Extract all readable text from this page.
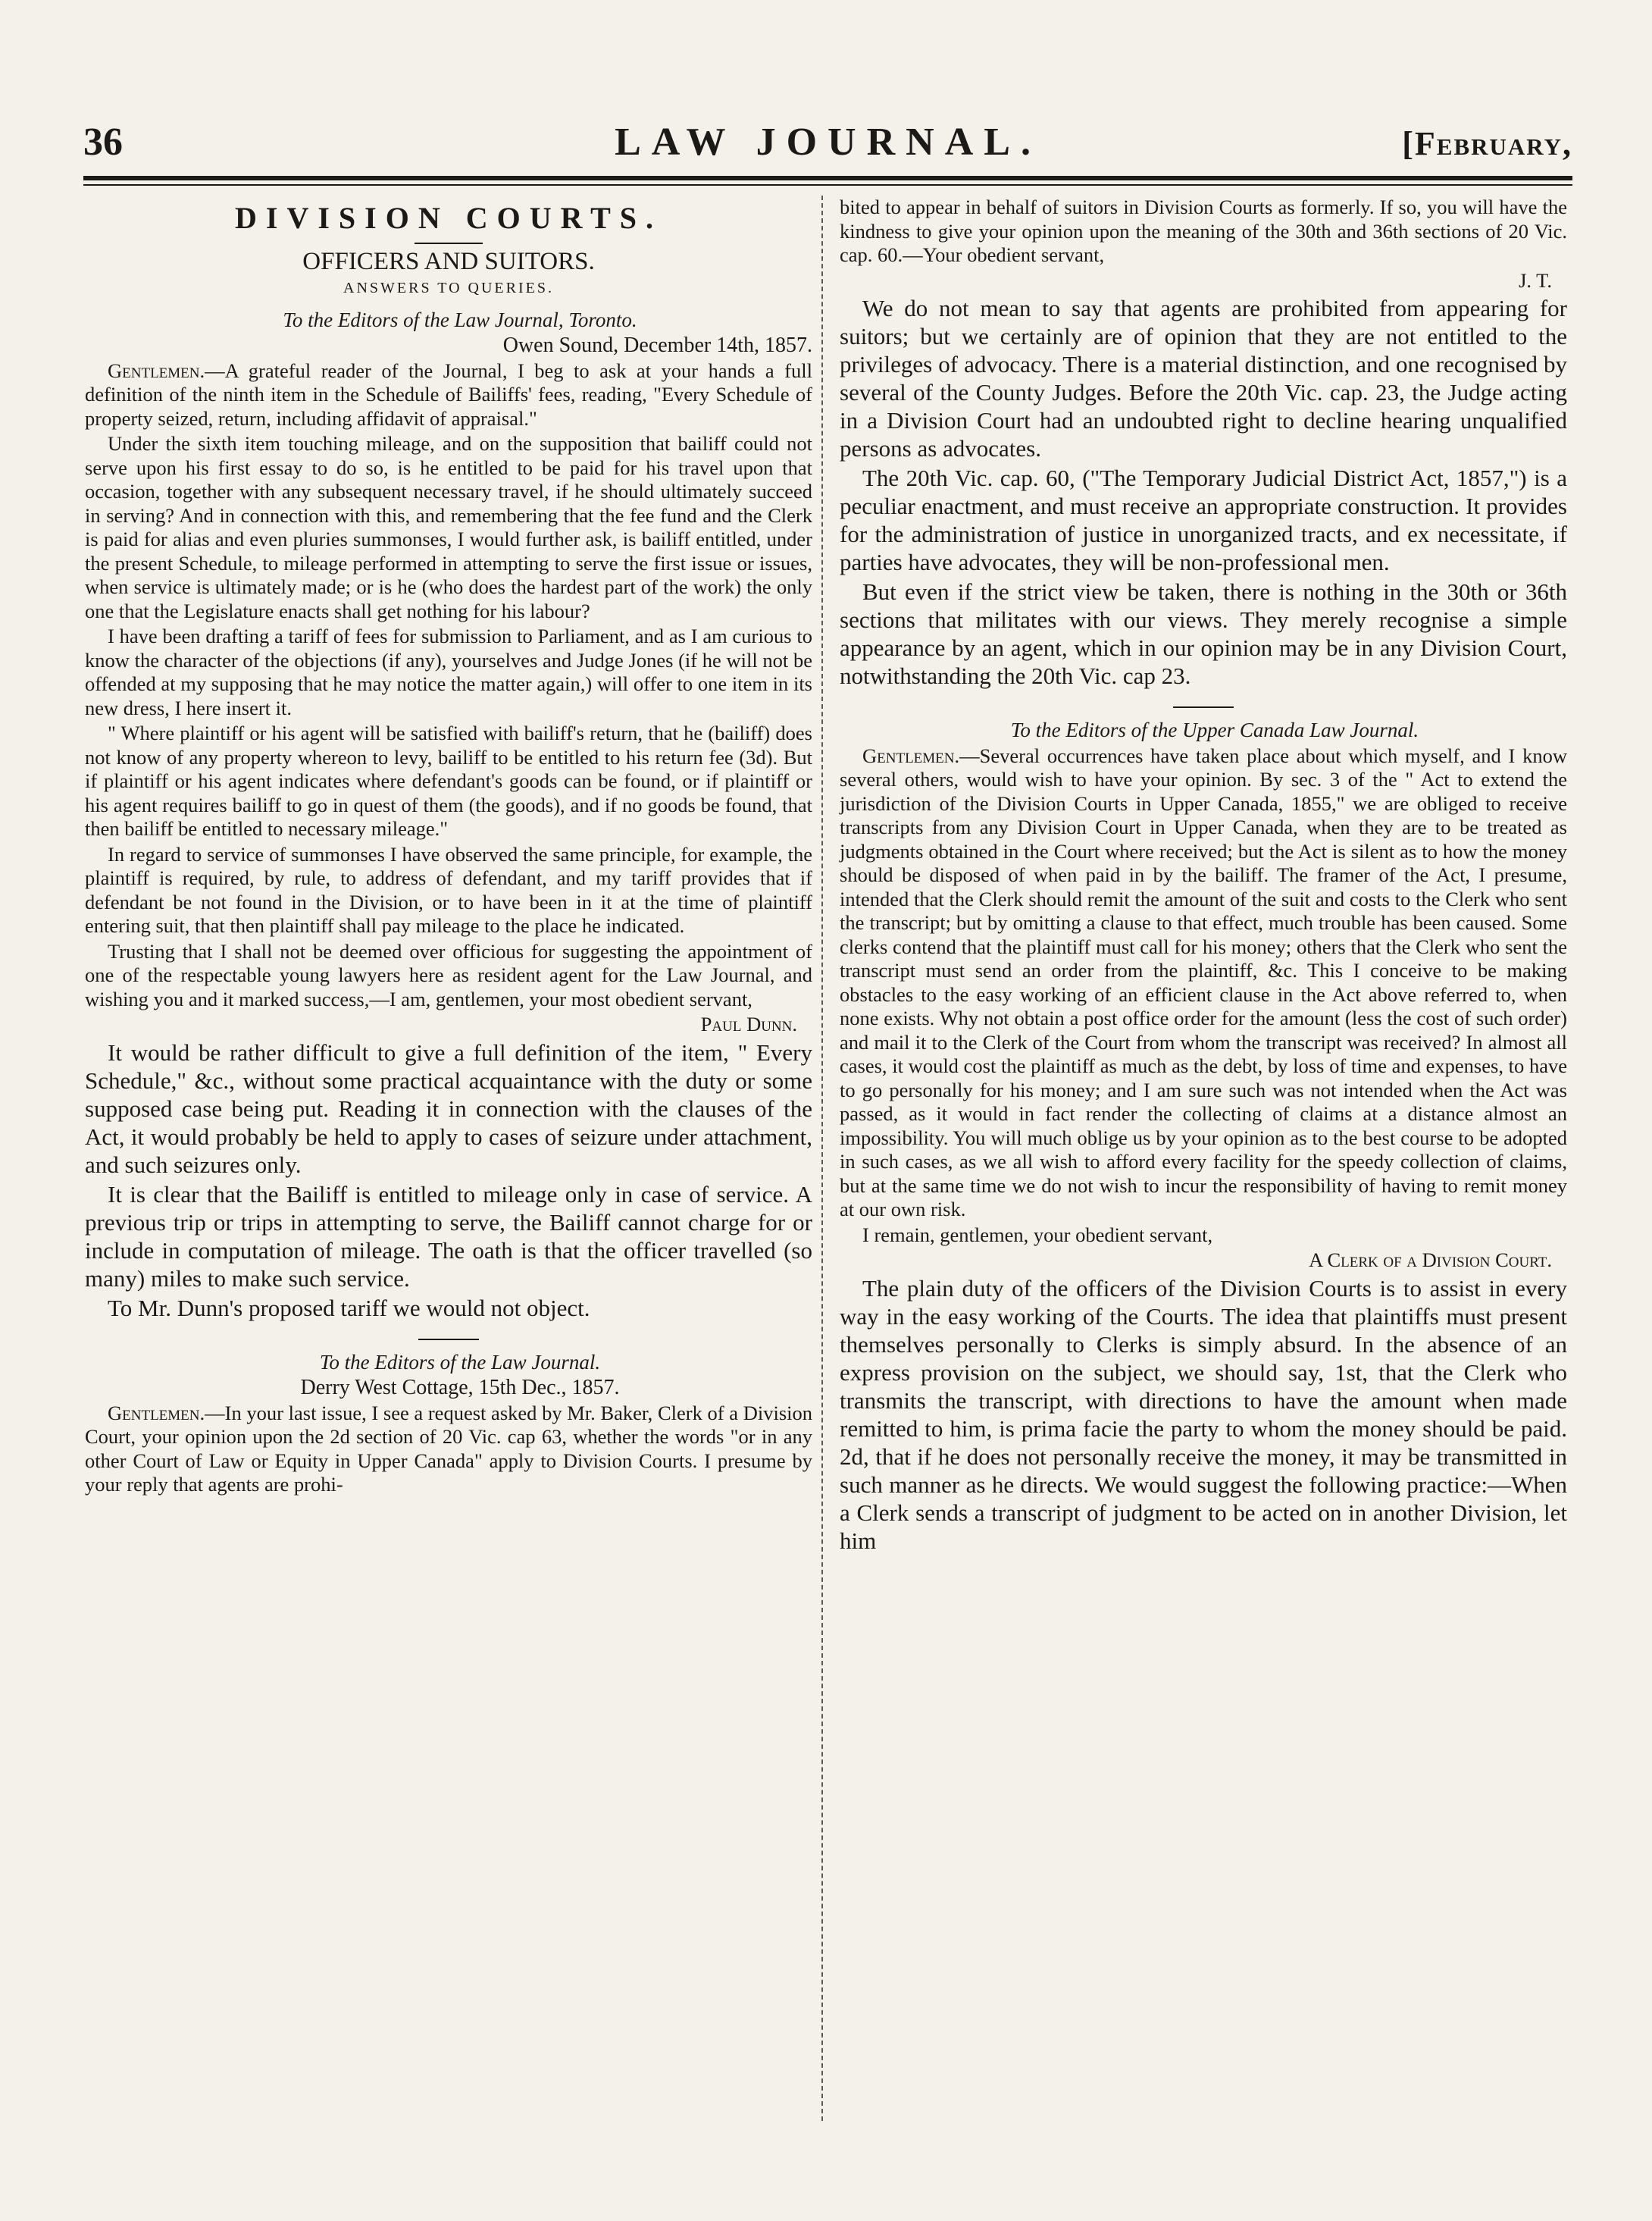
36	LAW JOURNAL.	[February,
DIVISION COURTS.
OFFICERS AND SUITORS.
ANSWERS TO QUERIES.

To the Editors of the Law Journal, Toronto.

Owen Sound, December 14th, 1857.

Gentlemen.—A grateful reader of the Journal, I beg to ask at your hands a full definition of the ninth item in the Schedule of Bailiffs' fees, reading, "Every Schedule of property seized, return, including affidavit of appraisal."

Under the sixth item touching mileage, and on the supposition that bailiff could not serve upon his first essay to do so, is he entitled to be paid for his travel upon that occasion, together with any subsequent necessary travel, if he should ultimately succeed in serving? And in connection with this, and remembering that the fee fund and the Clerk is paid for alias and even pluries summonses, I would further ask, is bailiff entitled, under the present Schedule, to mileage performed in attempting to serve the first issue or issues, when service is ultimately made; or is he (who does the hardest part of the work) the only one that the Legislature enacts shall get nothing for his labour?

I have been drafting a tariff of fees for submission to Parliament, and as I am curious to know the character of the objections (if any), yourselves and Judge Jones (if he will not be offended at my supposing that he may notice the matter again,) will offer to one item in its new dress, I here insert it.

" Where plaintiff or his agent will be satisfied with bailiff's return, that he (bailiff) does not know of any property whereon to levy, bailiff to be entitled to his return fee (3d). But if plaintiff or his agent indicates where defendant's goods can be found, or if plaintiff or his agent requires bailiff to go in quest of them (the goods), and if no goods be found, that then bailiff be entitled to necessary mileage."

In regard to service of summonses I have observed the same principle, for example, the plaintiff is required, by rule, to address of defendant, and my tariff provides that if defendant be not found in the Division, or to have been in it at the time of plaintiff entering suit, that then plaintiff shall pay mileage to the place he indicated.

Trusting that I shall not be deemed over officious for suggesting the appointment of one of the respectable young lawyers here as resident agent for the Law Journal, and wishing you and it marked success,—I am, gentlemen, your most obedient servant,

Paul Dunn.

It would be rather difficult to give a full definition of the item, " Every Schedule," &c., without some practical acquaintance with the duty or some supposed case being put. Reading it in connection with the clauses of the Act, it would probably be held to apply to cases of seizure under attachment, and such seizures only.

It is clear that the Bailiff is entitled to mileage only in case of service. A previous trip or trips in attempting to serve, the Bailiff cannot charge for or include in computation of mileage. The oath is that the officer travelled (so many) miles to make such service.

To Mr. Dunn's proposed tariff we would not object.

To the Editors of the Law Journal.

Derry West Cottage, 15th Dec., 1857.

Gentlemen.—In your last issue, I see a request asked by Mr. Baker, Clerk of a Division Court, your opinion upon the 2d section of 20 Vic. cap 63, whether the words "or in any other Court of Law or Equity in Upper Canada" apply to Division Courts. I presume by your reply that agents are prohi-

bited to appear in behalf of suitors in Division Courts as formerly. If so, you will have the kindness to give your opinion upon the meaning of the 30th and 36th sections of 20 Vic. cap. 60.—Your obedient servant,

J. T.

We do not mean to say that agents are prohibited from appearing for suitors; but we certainly are of opinion that they are not entitled to the privileges of advocacy. There is a material distinction, and one recognised by several of the County Judges. Before the 20th Vic. cap. 23, the Judge acting in a Division Court had an undoubted right to decline hearing unqualified persons as advocates.

The 20th Vic. cap. 60, ("The Temporary Judicial District Act, 1857,") is a peculiar enactment, and must receive an appropriate construction. It provides for the administration of justice in unorganized tracts, and ex necessitate, if parties have advocates, they will be non-professional men.

But even if the strict view be taken, there is nothing in the 30th or 36th sections that militates with our views. They merely recognise a simple appearance by an agent, which in our opinion may be in any Division Court, notwithstanding the 20th Vic. cap 23.

To the Editors of the Upper Canada Law Journal.

Gentlemen.—Several occurrences have taken place about which myself, and I know several others, would wish to have your opinion. By sec. 3 of the " Act to extend the jurisdiction of the Division Courts in Upper Canada, 1855," we are obliged to receive transcripts from any Division Court in Upper Canada, when they are to be treated as judgments obtained in the Court where received; but the Act is silent as to how the money should be disposed of when paid in by the bailiff. The framer of the Act, I presume, intended that the Clerk should remit the amount of the suit and costs to the Clerk who sent the transcript; but by omitting a clause to that effect, much trouble has been caused. Some clerks contend that the plaintiff must call for his money; others that the Clerk who sent the transcript must send an order from the plaintiff, &c. This I conceive to be making obstacles to the easy working of an efficient clause in the Act above referred to, when none exists. Why not obtain a post office order for the amount (less the cost of such order) and mail it to the Clerk of the Court from whom the transcript was received? In almost all cases, it would cost the plaintiff as much as the debt, by loss of time and expenses, to have to go personally for his money; and I am sure such was not intended when the Act was passed, as it would in fact render the collecting of claims at a distance almost an impossibility. You will much oblige us by your opinion as to the best course to be adopted in such cases, as we all wish to afford every facility for the speedy collection of claims, but at the same time we do not wish to incur the responsibility of having to remit money at our own risk.

I remain, gentlemen, your obedient servant,

A Clerk of a Division Court.

The plain duty of the officers of the Division Courts is to assist in every way in the easy working of the Courts. The idea that plaintiffs must present themselves personally to Clerks is simply absurd. In the absence of an express provision on the subject, we should say, 1st, that the Clerk who transmits the transcript, with directions to have the amount when made remitted to him, is prima facie the party to whom the money should be paid. 2d, that if he does not personally receive the money, it may be transmitted in such manner as he directs. We would suggest the following practice:—When a Clerk sends a transcript of judgment to be acted on in another Division, let him
